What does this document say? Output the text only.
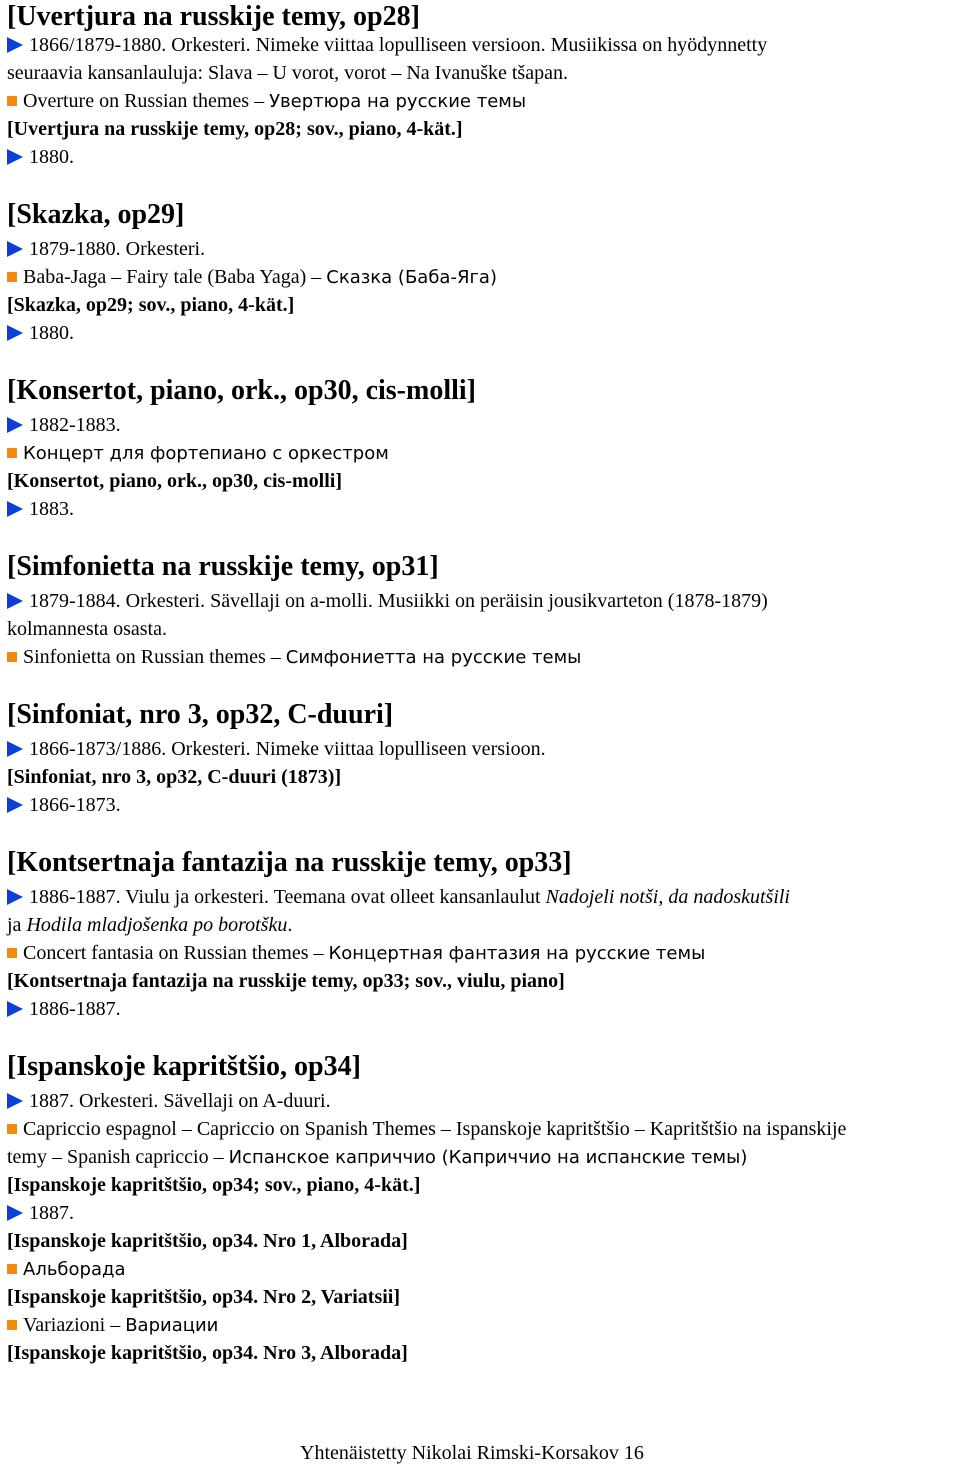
[Uvertjura na russkije temy, op28]
1866/1879-1880. Orkesteri. Nimeke viittaa lopulliseen versioon. Musiikissa on hyödynnetty
seuraavia kansanlauluja: Slava – U vorot, vorot – Na Ivanuške tšapan.
Overture on Russian themes – Увертюра на русские темы
[Uvertjura na russkije temy, op28; sov., piano, 4-kät.]
1880.
[Skazka, op29]
1879-1880. Orkesteri.
Baba-Jaga – Fairy tale (Baba Yaga) – Сказка (Баба-Яга)
[Skazka, op29; sov., piano, 4-kät.]
1880.
[Konsertot, piano, ork., op30, cis-molli]
1882-1883.
Концерт для фортепиано с оркестром
[Konsertot, piano, ork., op30, cis-molli]
1883.
[Simfonietta na russkije temy, op31]
1879-1884. Orkesteri. Sävellaji on a-molli. Musiikki on peräisin jousikvarteton (1878-1879)
kolmannesta osasta.
Sinfonietta on Russian themes – Симфониетта на русские темы
[Sinfoniat, nro 3, op32, C-duuri]
1866-1873/1886. Orkesteri. Nimeke viittaa lopulliseen versioon.
[Sinfoniat, nro 3, op32, C-duuri (1873)]
1866-1873.
[Kontsertnaja fantazija na russkije temy, op33]
1886-1887. Viulu ja orkesteri. Teemana ovat olleet kansanlaulut Nadojeli notši, da nadoskutšili
ja Hodila mladjošenka po borotšku.
Concert fantasia on Russian themes – Концертная фантазия на русские темы
[Kontsertnaja fantazija na russkije temy, op33; sov., viulu, piano]
1886-1887.
[Ispanskoje kapritštšio, op34]
1887. Orkesteri. Sävellaji on A-duuri.
Capriccio espagnol – Capriccio on Spanish Themes – Ispanskoje kapritštšio – Kapritštšio na ispanskije
temy – Spanish capriccio – Испанское каприччио (Каприччио на испанские темы)
[Ispanskoje kapritštšio, op34; sov., piano, 4-kät.]
1887.
[Ispanskoje kapritštšio, op34. Nro 1, Alborada]
Альборада
[Ispanskoje kapritštšio, op34. Nro 2, Variatsii]
Variazioni – Вариации
[Ispanskoje kapritštšio, op34. Nro 3, Alborada]
Yhtenäistetty Nikolai Rimski-Korsakov 16
